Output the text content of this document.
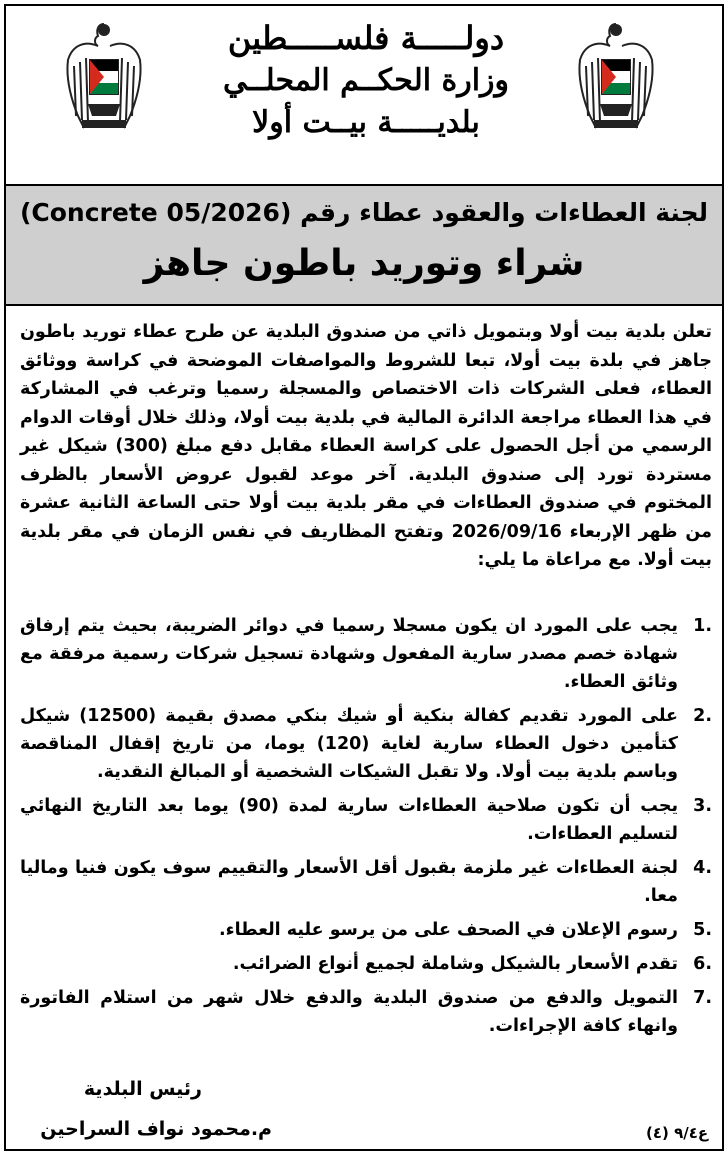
دولـــــة فلســـــطين
وزارة الحكــم المحلــي
بلديـــــة بيــت أولا
لجنة العطاءات والعقود عطاء رقم (Concrete 05/2026)
شراء وتوريد باطون جاهز
تعلن بلدية بيت أولا وبتمويل ذاتي من صندوق البلدية عن طرح عطاء توريد باطون جاهز في بلدة بيت أولا، تبعا للشروط والمواصفات الموضحة في كراسة ووثائق العطاء، فعلى الشركات ذات الاختصاص والمسجلة رسميا وترغب في المشاركة في هذا العطاء مراجعة الدائرة المالية في بلدية بيت أولا، وذلك خلال أوقات الدوام الرسمي من أجل الحصول على كراسة العطاء مقابل دفع مبلغ (300) شيكل غير مستردة تورد إلى صندوق البلدية. آخر موعد لقبول عروض الأسعار بالظرف المختوم في صندوق العطاءات في مقر بلدية بيت أولا حتى الساعة الثانية عشرة من ظهر الإربعاء 2026/09/16 وتفتح المظاريف في نفس الزمان في مقر بلدية بيت أولا. مع مراعاة ما يلي:
1.
يجب على المورد ان يكون مسجلا رسميا في دوائر الضريبة، بحيث يتم إرفاق شهادة خصم مصدر سارية المفعول وشهادة تسجيل شركات رسمية مرفقة مع وثائق العطاء.
2.
على المورد تقديم كفالة بنكية أو شيك بنكي مصدق بقيمة (12500) شيكل كتأمين دخول العطاء سارية لغاية (120) يوما، من تاريخ إقفال المناقصة وباسم بلدية بيت أولا. ولا تقبل الشيكات الشخصية أو المبالغ النقدية.
3.
يجب أن تكون صلاحية العطاءات سارية لمدة (90) يوما بعد التاريخ النهائي لتسليم العطاءات.
4.
لجنة العطاءات غير ملزمة بقبول أقل الأسعار والتقييم سوف يكون فنيا وماليا معا.
5.
رسوم الإعلان في الصحف على من يرسو عليه العطاء.
6.
تقدم الأسعار بالشيكل وشاملة لجميع أنواع الضرائب.
7.
التمويل والدفع من صندوق البلدية والدفع خلال شهر من استلام الفاتورة وانهاء كافة الإجراءات.
رئيس البلدية
م.محمود نواف السراحين	ع٩/٤ (٤)
